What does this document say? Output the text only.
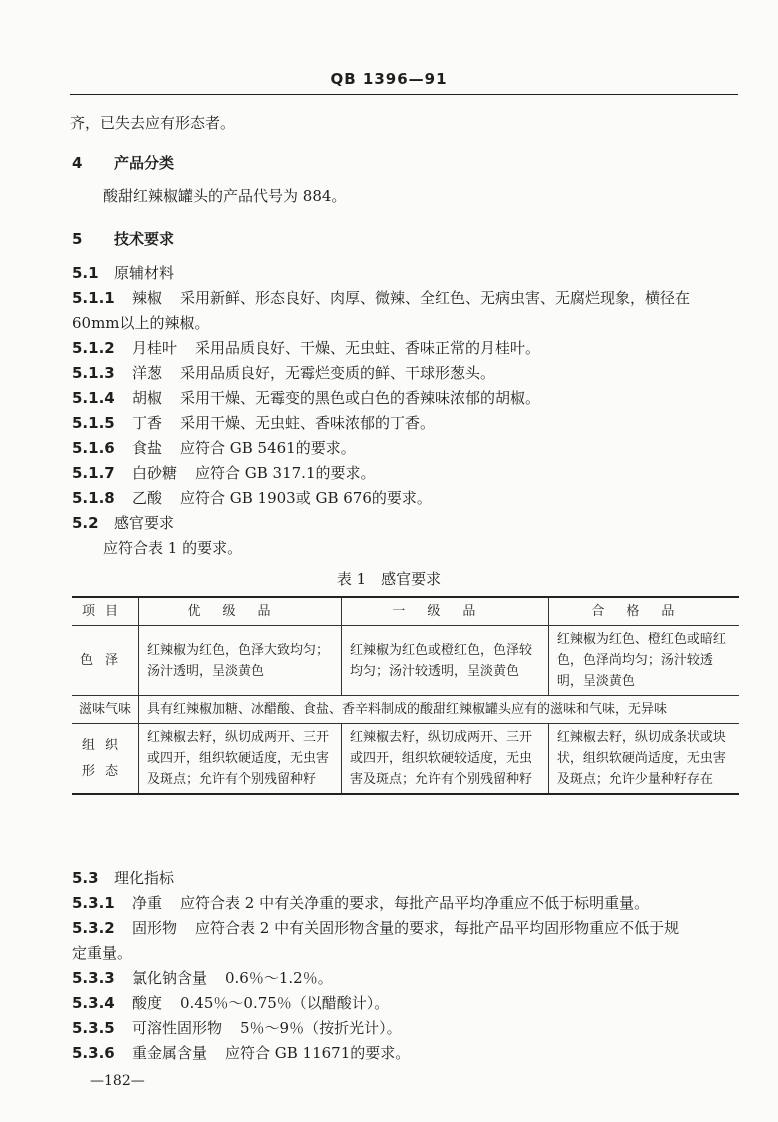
QB 1396—91
齐，已失去应有形态者。
4 产品分类
酸甜红辣椒罐头的产品代号为 884。
5 技术要求
5.1 原辅材料
5.1.1 辣椒 采用新鲜、形态良好、肉厚、微辣、全红色、无病虫害、无腐烂现象，横径在
60mm以上的辣椒。
5.1.2 月桂叶 采用品质良好、干燥、无虫蛀、香味正常的月桂叶。
5.1.3 洋葱 采用品质良好，无霉烂变质的鲜、干球形葱头。
5.1.4 胡椒 采用干燥、无霉变的黑色或白色的香辣味浓郁的胡椒。
5.1.5 丁香 采用干燥、无虫蛀、香味浓郁的丁香。
5.1.6 食盐 应符合 GB 5461的要求。
5.1.7 白砂糖 应符合 GB 317.1的要求。
5.1.8 乙酸 应符合 GB 1903或 GB 676的要求。
5.2 感官要求
应符合表 1 的要求。
表 1　感官要求
项目	优级品	一级品	合格品
色泽	红辣椒为红色，色泽大致均匀；汤汁透明，呈淡黄色	红辣椒为红色或橙红色，色泽较均匀；汤汁较透明，呈淡黄色	红辣椒为红色、橙红色或暗红色，色泽尚均匀；汤汁较透明，呈淡黄色
滋味气味	具有红辣椒加糖、冰醋酸、食盐、香辛料制成的酸甜红辣椒罐头应有的滋味和气味，无异味		
组织形态	红辣椒去籽，纵切成两开、三开或四开，组织软硬适度，无虫害及斑点；允许有个别残留种籽	红辣椒去籽，纵切成两开、三开或四开，组织软硬较适度，无虫害及斑点；允许有个别残留种籽	红辣椒去籽，纵切成条状或块状，组织软硬尚适度，无虫害及斑点；允许少量种籽存在
5.3 理化指标
5.3.1 净重 应符合表 2 中有关净重的要求，每批产品平均净重应不低于标明重量。
5.3.2 固形物 应符合表 2 中有关固形物含量的要求，每批产品平均固形物重应不低于规
定重量。
5.3.3 氯化钠含量 0.6％～1.2％。
5.3.4 酸度 0.45％～0.75％（以醋酸计）。
5.3.5 可溶性固形物 5％～9％（按折光计）。
5.3.6 重金属含量 应符合 GB 11671的要求。
—182—
